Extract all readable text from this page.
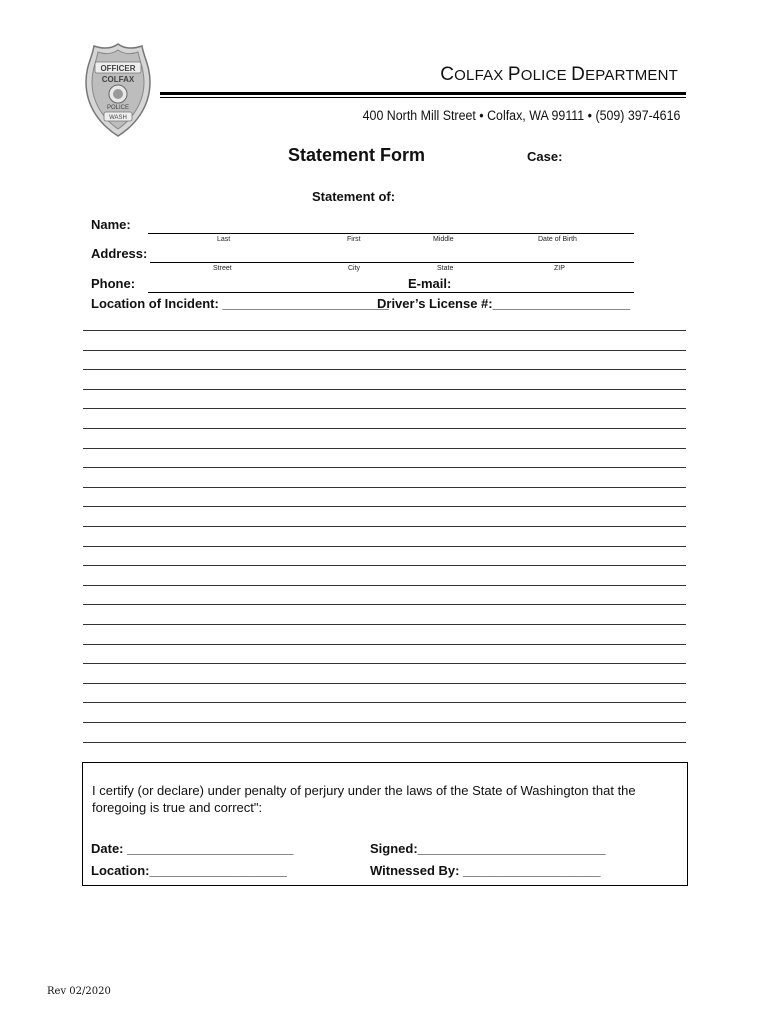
OFFICER
COLFAX
POLICE
WASH
COLFAX POLICE DEPARTMENT
400 North Mill Street • Colfax, WA 99111 • (509) 397-4616
Statement Form	Case:
Statement of:
Name:
Last	First	Middle	Date of Birth
Address:
Street	City	State	ZIP
Phone:	E-mail:
Location of Incident: _______________________
Driver’s License #:___________________
I certify (or declare) under penalty of perjury under the laws of the State of Washington that the foregoing is true and correct":
Date: _______________________	Signed:__________________________
Location:___________________	Witnessed By: ___________________
Rev 02/2020
